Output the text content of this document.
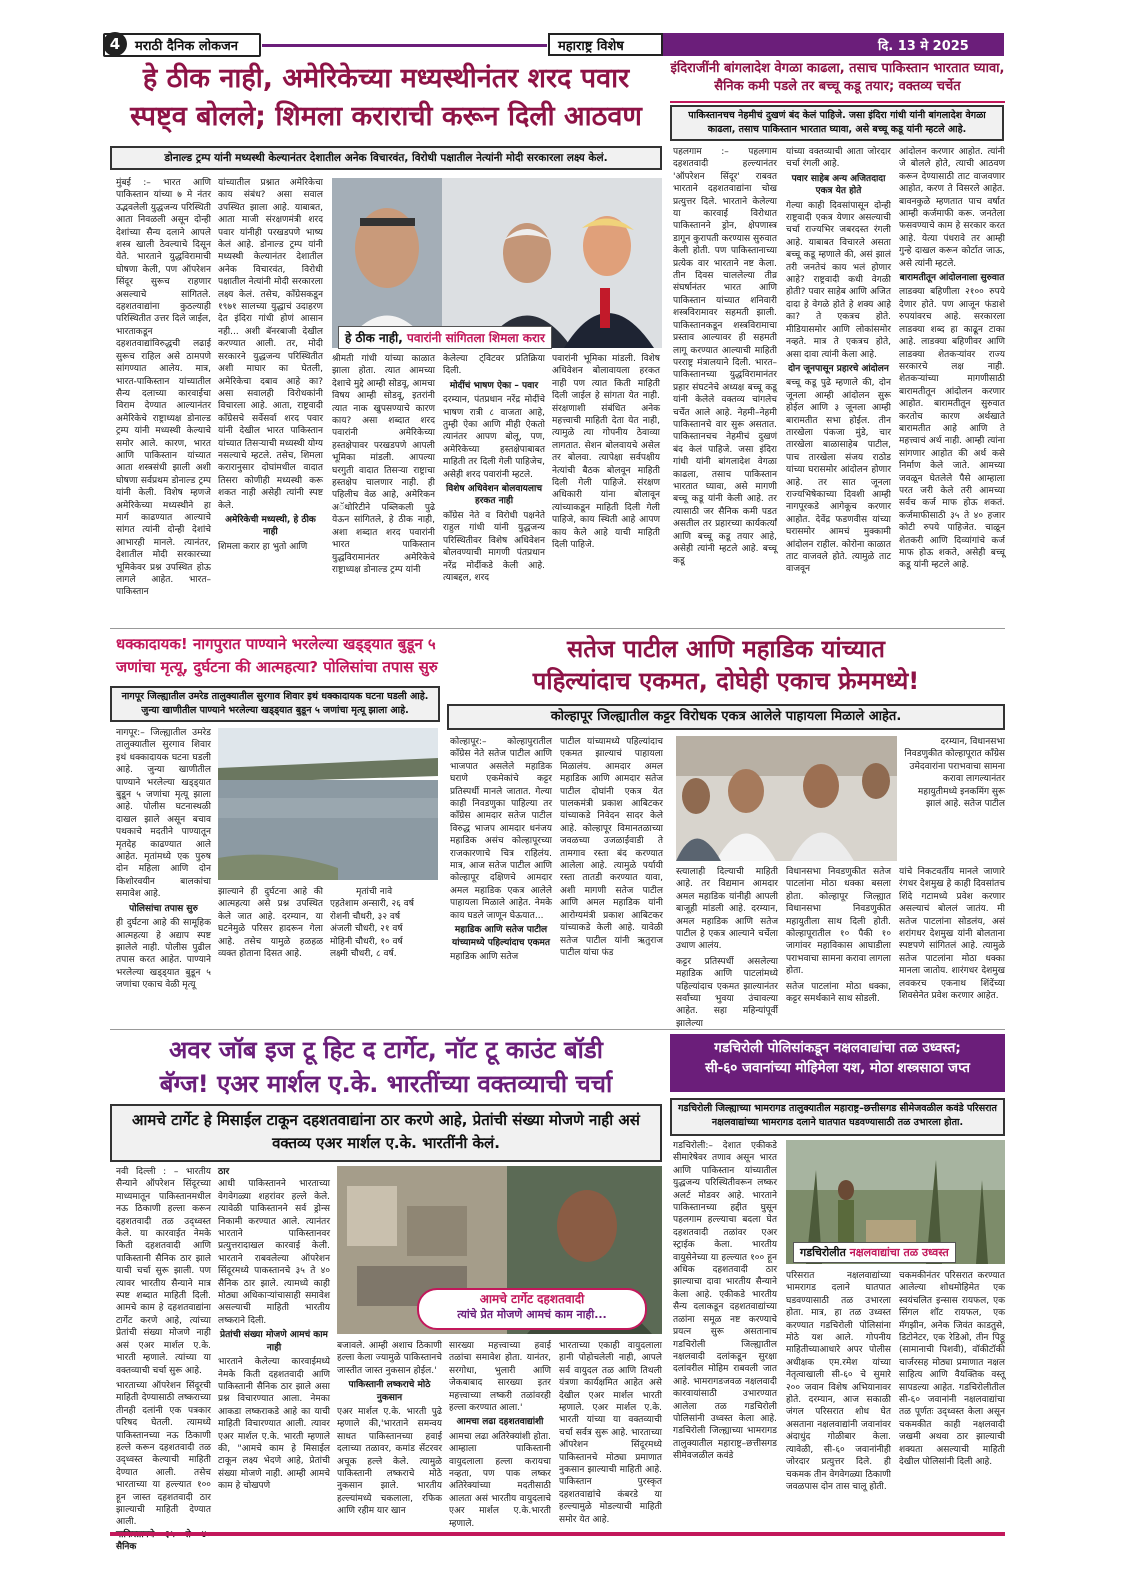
4	मराठी दैनिक लोकजन	महाराष्ट्र विशेष	दि. 13 मे 2025
हे ठीक नाही, अमेरिकेच्या मध्यस्थीनंतर शरद पवार
स्पष्ट्व बोलले; शिमला कराराची करून दिली आठवण
डोनाल्ड ट्रम्प यांनी मध्यस्थी केल्यानंतर देशातील अनेक विचारवंत, विरोधी पक्षातील नेत्यांनी मोदी सरकारला लक्ष्य केलं.
मुंबई :– भारत आणि पाकिस्तान यांच्या ७ मे नंतर उद्भवलेली युद्धजन्य परिस्थिती आता निवळली असून दोन्ही देशांच्या सैन्य दलाने आपले शस्त्र खाली ठेवल्याचे दिसून येते. भारताने युद्धविरामाची घोषणा केली, पण ऑपरेशन सिंदूर सुरूच राहणार असल्याचे सांगितले. दहशतवाद्यांना कुठल्याही परिस्थितीत उत्तर दिले जाईल, भारताकडून दहशतवाद्यांविरुद्धची लढाई सुरूच राहिल असे ठामपणे सांगण्यात आलेय. मात्र, भारत-पाकिस्तान यांच्यातील सैन्य दलाच्या कारवाईचा विराम देण्यात आल्यानंतर अमेरिकेचे राष्ट्राध्यक्ष डोनाल्ड ट्रम्प यांनी मध्यस्थी केल्याचे समोर आले. कारण, भारत आणि पाकिस्तान यांच्यात आता शस्त्रसंधी झाली अशी घोषणा सर्वप्रथम डोनाल्ड ट्रम्प यांनी केली. विशेष म्हणजे अमेरिकेच्या मध्यस्थीने हा मार्ग काढण्यात आल्याचे सांगत त्यांनी दोन्ही देशांचे आभारही मानले. त्यानंतर, देशातील मोदी सरकारच्या भूमिकेवर प्रश्न उपस्थित होऊ लागले आहेत. भारत–पाकिस्तान
यांच्यातील प्रश्नात अमेरिकेचा काय संबंध? असा सवाल उपस्थित झाला आहे. याबाबत, आता माजी संरक्षणमंत्री शरद पवार यांनीही परखडपणे भाष्य केलं आहे. डोनाल्ड ट्रम्प यांनी मध्यस्थी केल्यानंतर देशातील अनेक विचारवंत, विरोधी पक्षातील नेत्यांनी मोदी सरकारला लक्ष्य केलं. तसेच, काँग्रेसकडून १९७१ सालच्या युद्धाचं उदाहरण देत इंदिरा गांधी होणं आसान नही... अशी बॅनरबाजी देखील करण्यात आली. तर, मोदी सरकारने युद्धजन्य परिस्थितीत अशी माघार का घेतली, अमेरिकेचा दबाव आहे का? असा सवालही विरोधकांनी विचारला आहे. आता, राष्ट्रवादी काँग्रेसचे सर्वेसर्वा शरद पवार यांनी देखील भारत पाकिस्तान यांच्यात तिसऱ्याची मध्यस्थी योग्य नसल्याचे म्हटले. तसेच, शिमला करारानुसार दोघांमधील वादात तिसरा कोणीही मध्यस्थी करू शकत नाही असेही त्यांनी स्पष्ट केले.
अमेरिकेची मध्यस्थी, हे ठीक नाही
शिमला करार हा भुतो आणि
हे ठीक नाही, पवारांनी सांगितला शिमला करार
श्रीमती गांधी यांच्या काळात झाला होता. त्यात आमच्या देशाचे मुद्दे आम्ही सोडवू, आमचा विषय आम्ही सोडवू, इतरांनी त्यात नाक खुपसण्याचे कारण काय? असा शब्दात शरद पवारांनी अमेरिकेच्या हस्तक्षेपावर परखडपणे आपली भूमिका मांडली. आपल्या घरगुती वादात तिसऱ्या राष्ट्राचा हस्तक्षेप चालणार नाही. ही पहिलीच वेळ आहे, अमेरिकन अॅथोरिटीने पब्लिकली पुढे येऊन सांगितले, हे ठीक नाही, अशा शब्दात शरद पवारांनी भारत पाकिस्तान युद्धविरामानंतर अमेरिकेचे राष्ट्राध्यक्ष डोनाल्ड ट्रम्प यांनी
केलेल्या ट्विटवर प्रतिक्रिया दिली.
मोदींचं भाषण ऐका – पवार
दरम्यान, पंतप्रधान नरेंद्र मोदींचे भाषण रात्री ८ वाजता आहे, तुम्ही ऐका आणि मीही ऐकतो त्यानंतर आपण बोलू, पण, अमेरिकेच्या हस्तक्षेपाबाबत माहिती तर दिली गेली पाहिजेच, असेही शरद पवारांनी म्हटले.
विशेष अधिवेशन बोलवायलाच हरकत नाही
काँग्रेस नेते व विरोधी पक्षनेते राहुल गांधी यांनी युद्धजन्य परिस्थितीवर विशेष अधिवेशन बोलवण्याची मागणी पंतप्रधान नरेंद्र मोदींकडे केली आहे. त्याबद्दल, शरद
पवारांनी भूमिका मांडली. विशेष अधिवेशन बोलावायला हरकत नाही पण त्यात किती माहिती दिली जाईल हे सांगता येत नाही. संरक्षणाशी संबंधित अनेक महत्त्वाची माहिती देता येत नाही, त्यामुळे त्या गोपनीय ठेवाव्या लागतात. सेशन बोलवायचे असेल तर बोलवा. त्यापेक्षा सर्वपक्षीय नेत्यांची बैठक बोलवून माहिती दिली गेली पाहिजे. संरक्षण अधिकारी यांना बोलावून त्यांच्याकडून माहिती दिली गेली पाहिजे, काय स्थिती आहे आपण काय केले आहे याची माहिती दिली पाहिजे.
इंदिराजींनी बांगलादेश वेगळा काढला, तसाच पाकिस्तान भारतात घ्यावा, सैनिक कमी पडले तर बच्चू कडू तयार; वक्तव्य चर्चेत
पाकिस्तानचच नेहमीचं दुखणं बंद केलं पाहिजे. जसा इंदिरा गांधी यांनी बांगलादेश वेगळा काढला, तसाच पाकिस्तान भारतात घ्यावा, असे बच्चू कडू यांनी म्हटले आहे.
पहलगाम :– पहलगाम दहशतवादी हल्ल्यानंतर 'ऑपरेशन सिंदूर' राबवत भारताने दहशतवाद्यांना चोख प्रत्युत्तर दिले. भारताने केलेल्या या कारवाई विरोधात पाकिस्तानने ड्रोन, क्षेपणास्त्र डागून कुरापती करण्यास सुरुवात केली होती. पण पाकिस्तानाच्या प्रत्येक वार भारताने नष्ट केला. तीन दिवस चाललेल्या तीव्र संघर्षानंतर भारत आणि पाकिस्तान यांच्यात शनिवारी शस्त्रविरामावर सहमती झाली. पाकिस्तानकडून शस्त्रविरामाचा प्रस्ताव आल्यावर ही सहमती लागू करण्यात आल्याची माहिती परराष्ट्र मंत्रालयाने दिली. भारत–पाकिस्तानच्या युद्धविरामानंतर प्रहार संघटनेचे अध्यक्ष बच्चू कडू यांनी केलेले वक्तव्य चांगलेच चर्चेत आले आहे. नेहमी–नेहमी पाकिस्तानचे वार सुरू असतात. पाकिस्तानचच नेहमीचं दुखणं बंद केलं पाहिजे. जसा इंदिरा गांधी यांनी बांगलादेश वेगळा काढला, तसाच पाकिस्तान भारतात घ्यावा, असे मागणी बच्चू कडू यांनी केली आहे. तर त्यासाठी जर सैनिक कमी पडत असतील तर प्रहारच्या कार्यकर्त्यां आणि बच्चू कडू तयार आहे, असेही त्यांनी म्हटले आहे. बच्चू कडू
यांच्या वक्तव्याची आता जोरदार चर्चा रंगली आहे.
पवार साहेब अन्य अजितदादा एकत्र येत होते
गेल्या काही दिवसांपासून दोन्ही राष्ट्रवादी एकत्र येणार असल्याची चर्चा राज्यभिर जबरदस्त रंगली आहे. याबाबत विचारले असता बच्चू कडू म्हणाले की, असं झालं तरी जनतेचं काय भलं होणार आहे? राष्ट्रवादी कधी वेगळी होती? पवार साहेब आणि अजित दादा हे वेगळे होते हे शक्य आहे का? ते एकत्रच होते. मीडियासमोर आणि लोकांसमोर नव्हते. मात्र ते एकत्रच होते, असा दावा त्यांनी केला आहे.
दोन जूनपासून प्रहारचे आंदोलन
बच्चू कडू पुढे म्हणाले की, दोन जूनला आम्ही आंदोलन सुरू होईल आणि ३ जूनला आम्ही बारामतीत सभा होईल. तीन तारखेला पंकजा मुंडे, चार तारखेला बाळासाहेब पाटील, पाच तारखेला संजय राठोड यांच्या घरासमोर आंदोलन होणार आहे. तर सात जूनला राज्यभिषेकाच्या दिवशी आम्ही नागपूरकडे आगेकूच करणार आहोत. देवेंद्र फडणवीस यांच्या घरासमोर आमचं मुक्कामी आंदोलन राहील. कोरोना काळात ताट वाजवले होते. त्यामुळे ताट वाजवून
आंदोलन करणार आहोत. त्यांनी जे बोलले होते, त्याची आठवण करून देण्यासाठी ताट वाजवणार आहोत, करण ते विसरले आहेत. बावनकुळे म्हणतात पाच वर्षात आम्ही कर्जमाफी करू. जनतेला फसवण्याचे काम हे सरकार करत आहे. येत्या पंधरावे तर आम्ही गुन्हे दाखल करून कोर्टात जाऊ, असे त्यांनी म्हटले.
बारामतीतून आंदोलनाला सुरुवात
लाडक्या बहिणीला २१०० रुपये देणार होते. पण आजून फंडाशे रुपयांवरच आहे. सरकारला लाडक्या शब्द हा काढून टाका आहे. लाडक्या बहिणीवर आणि लाडक्या शेतकऱ्यांवर राज्य सरकारचे लक्ष नाही. शेतकऱ्यांच्या मागणीसाठी बारामतीतून आंदोलन करणार आहोत. बारामतीतून सुरुवात करतोच कारण अर्थखाते बारामतीत आहे आणि ते महत्त्वाचं अर्थ नाही. आम्ही त्यांना सांगणार आहोत की अर्थ कसे निर्माण केले जाते. आमच्या जवळून घेतलेले पैसे आम्हाला परत जरी केले तरी आमच्या सर्वच कर्ज माफ होऊ शकतं. कर्जमाफीसाठी ३५ ते ४० हजार कोटी रुपये पाहिजेत. चाळून शेतकरी आणि दिव्यांगांचे कर्ज माफ होऊ शकते, असेही बच्चू कडू यांनी म्हटले आहे.
धक्कादायक! नागपुरात पाण्याने भरलेल्या खड्ड्यात बुडून ५
जणांचा मृत्यू, दुर्घटना की आत्महत्या? पोलिसांचा तपास सुरु
नागपूर जिल्ह्यातील उमरेड तालुक्यातील सुरगाव शिवार इथं धक्कादायक घटना घडली आहे. जुन्या खाणीतील पाण्याने भरलेल्या खड्ड्यात बुडून ५ जणांचा मृत्यू झाला आहे.
नागपूर:– जिल्ह्यातील उमरेड तालुक्यातील सुरगाव शिवार इथं धक्कादायक घटना घडली आहे. जुन्या खाणीतील पाण्याने भरलेल्या खड्ड्यात बुडून ५ जणांचा मृत्यू झाला आहे. पोलीस घटनास्थळी दाखल झाले असून बचाव पथकाचे मदतीने पाण्यातून मृतदेह काढण्यात आले आहेत. मृतांमध्ये एक पुरुष दोन महिला आणि दोन किशोरवयीन बालकांचा समावेश आहे.
पोलिसांचा तपास सुरु
ही दुर्घटना आहे की सामूहिक आत्महत्या हे अद्याप स्पष्ट झालेले नाही. पोलीस पुढील तपास करत आहेत. पाण्याने भरलेल्या खड्ड्यात बुडून ५ जणांचा एकाच वेळी मृत्यू
झाल्याने ही दुर्घटना आहे की आत्महत्या असे प्रश्न उपस्थित केले जात आहे. दरम्यान, या घटनेमुळे परिसर हादरून गेला आहे. तसेच यामुळे हळहळ व्यक्त होताना दिसत आहे.
मृतांची नावे
एहतेशाम अन्सारी, २६ वर्ष
रोशनी चौधरी, ३२ वर्ष
अंजली चौधरी, २१ वर्ष
मोहिनी चौधरी, १० वर्ष
लक्ष्मी चौधरी, ८ वर्ष.
सतेज पाटील आणि महाडिक यांच्यात
पहिल्यांदाच एकमत, दोघेही एकाच फ्रेममध्ये!
कोल्हापूर जिल्ह्यातील कट्टर विरोधक एकत्र आलेले पाहायला मिळाले आहेत.
कोल्हापूर:– कोल्हापुरातील कॉंग्रेस नेते सतेज पाटील आणि भाजपात असलेले महाडिक घराणे एकमेकांचे कट्टर प्रतिस्पर्धी मानले जातात. गेल्या काही निवडणुका पाहिल्या तर कॉंग्रेस आमदार सतेज पाटील विरुद्ध भाजप आमदार धनंजय महाडिक असंच कोल्हापूरच्या राजकारणाचे चित्र राहिलंय. मात्र, आज सतेज पाटील आणि कोल्हापूर दक्षिणचे आमदार अमल महाडिक एकत्र आलेले पाहायला मिळाले आहेत. नेमके काय घडले जाणून घेऊयात...
महाडिक आणि सतेज पाटील यांच्यामध्ये पहिल्यांदाच एकमत
महाडिक आणि सतेज
पाटील यांच्यामध्ये पहिल्यांदाच एकमत झाल्याचं पाहायला मिळालंय. आमदार अमल महाडिक आणि आमदार सतेज पाटील दोघांनी एकत्र येत पालकमंत्री प्रकाश आबिटकर यांच्याकडे निवेदन सादर केले आहे. कोल्हापूर विमानतळाच्या जवळच्या उजळाईवाडी ते तामगाव रस्ता बंद करण्यात आलेला आहे. त्यामुळे पर्यायी रस्ता तातडी करण्यात यावा, अशी मागणी सतेज पाटील आणि अमल महाडिक यांनी आरोग्यमंत्री प्रकाश आबिटकर यांच्याकडे केली आहे. यावेळी सतेज पाटील यांनी ऋतुराज पाटील यांचा फंड
दरम्यान, विधानसभा निवडणुकीत कोल्हापूरात काँग्रेस उमेदवारांना पराभवाचा सामना करावा लागल्यानंतर महायुतीमध्ये इनकमिंग सुरू झालं आहे. सतेज पाटील
स्त्यालाही दिल्याची माहिती आहे. तर विद्यमान आमदार अमल महाडिक यांनीही आपली बाजूही मांडली आहे. दरम्यान, अमल महाडिक आणि सतेज पाटील हे एकत्र आल्याने चर्चेला उधाण आलंय.
कट्टर प्रतिस्पर्धी असलेल्या महाडिक आणि पाटलांमध्ये पहिल्यांदाच एकमत झाल्यानंतर सर्वांच्या भुवया उंचावल्या आहेत. सहा महिन्यांपूर्वी झालेल्या
विधानसभा निवडणुकीत सतेज पाटलांना मोठा धक्का बसला होता. कोल्हापूर जिल्ह्यात विधानसभा निवडणुकीत महायुतीला साथ दिली होती. कोल्हापूरातील १० पैकी १० जागांवर महाविकास आघाडीला पराभवाचा सामना करावा लागला होता.
सतेज पाटलांना मोठा धक्का, कट्टर समर्थकाने साथ सोडली.
यांचे निकटवर्तीय मानले जाणारे रंगधर देशमुख हे काही दिवसांतच शिंदे गटामध्ये प्रवेश करणार असल्याचं बोललं जातंय. मी सतेज पाटलांना सोडलंय, असं शरांगधर देशमुख यांनी बोलताना स्पष्टपणे सांगितलं आहे. त्यामुळे सतेज पाटलांना मोठा धक्का मानला जातोय. शारंगधर देशमुख लवकरच एकनाथ शिंदेंच्या शिवसेनेत प्रवेश करणार आहेत.
अवर जॉब इज टू हिट द टार्गेट, नॉट टू काउंट बॉडी
बॅग्ज! एअर मार्शल ए.के. भारतींच्या वक्तव्याची चर्चा
आमचे टार्गेट हे मिसाईल टाकून दहशतवाद्यांना ठार करणे आहे, प्रेतांची संख्या मोजणे नाही असं वक्तव्य एअर मार्शल ए.के. भारतींनी केलं.
नवी दिल्ली : – भारतीय सैन्याने ऑपरेशन सिंदूरच्या माध्यमातून पाकिस्तानमधील नऊ ठिकाणी हल्ला करून दहशतवादी तळ उद्ध्वस्त केले. या कारवाईत नेमके किती दहशतवादी आणि पाकिस्तानी सैनिक ठार झाले याची चर्चा सुरू झाली. पण त्यावर भारतीय सैन्याने मात्र स्पष्ट शब्दात माहिती दिली. आमचे काम हे दहशतवाद्यांना टार्गेट करणे आहे, त्यांच्या प्रेतांची संख्या मोजणे नाही असं एअर मार्शल ए.के. भारती म्हणाले. त्यांच्या या वक्तव्याची चर्चा सुरू आहे.
भारताच्या ऑपरेशन सिंदूरची माहिती देण्यासाठी लष्कराच्या तीनही दलांनी एक पत्रकार परिषद घेतली. त्यामध्ये पाकिस्तानच्या नऊ ठिकाणी हल्ले करून दहशतवादी तळ उद्ध्वस्त केल्याची माहिती देण्यात आली. तसेच भारताच्या या हल्ल्यात १०० हून जास्त दहशतवादी ठार झाल्याची माहिती देण्यात आली.
सैनिक
ठार
आधी पाकिस्तानने भारताच्या वेगवेगळ्या शहरांवर हल्ले केले. त्यावेळी पाकिस्तानने सर्व ड्रोन्स निकामी करण्यात आले. त्यानंतर भारताने पाकिस्तानवर प्रत्युत्तरादाखल कारवाई केली. भारताने राबवलेल्या ऑपरेशन सिंदूरमध्ये पाकस्तानचे ३५ ते ४० सैनिक ठार झाले. त्यामध्ये काही मोठ्या अधिकाऱ्यांचासाही समावेश असल्याची माहिती भारतीय लष्कराने दिली.
प्रेतांची संख्या मोजणे आमचं काम नाही
भारताने केलेल्या कारवाईमध्ये नेमके किती दहशतवादी आणि पाकिस्तानी सैनिक ठार झाले असा प्रश्न विचारण्यात आला. नेमका आकडा लष्कराकडे आहे का याची माहिती विचारण्यात आली. त्यावर एअर मार्शल ए.के. भारती म्हणाले की, "आमचे काम हे मिसाईल टाकून लक्ष्य भेदणे आहे, प्रेतांची संख्या मोजणे नाही. आम्ही आमचे काम हे चोखपणे
आमचे टार्गेट दहशतवादी
त्यांचे प्रेत मोजणे आमचं काम नाही...
बजावले. आम्ही अशाच ठिकाणी हल्ला केला ज्यामुळे पाकिस्तानचे जास्तीत जास्त नुकसान होईल.'
पाकिस्तानी लष्कराचे मोठे नुकसान
एअर मार्शल ए.के. भारती पुढे म्हणाले की,'भारताने समन्वय साधत पाकिस्तानच्या हवाई दलाच्या तळावर, कमांड सेंटरवर अचूक हल्ले केले. त्यामुळे पाकिस्तानी लष्कराचे मोठे नुकसान झाले. भारतीय हल्ल्यांमध्ये चकलाला, रफिक आणि रहीम यार खान
सारख्या महत्त्वाच्या हवाई तळांचा समावेश होता. यानंतर, सरगोधा, भुलारी आणि जेकबाबाद सारख्या इतर महत्त्वाच्या लष्करी तळांवरही हल्ला करण्यात आला.'
आमचा लढा दहशतवाद्यांशी
आमचा लढा अतिरेक्यांशी होता. आम्हाला पाकिस्तानी वायुदलाला हल्ला करायचा नव्हता, पण पाक लष्कर अतिरेक्यांच्या मदतीसाठी आलता असं भारतीय वायुदलाचे एअर मार्शल ए.के.भारती म्हणाले.
भारताच्या एकाही वायुदलाला हानी पोहोचलेली नाही, आपले सर्व वायुदल तळ आणि तिथली यंत्रणा कार्यक्षमित आहेत असे देखील एअर मार्शल भारती म्हणाले. एअर मार्शल ए.के. भारती यांच्या या वक्तव्याची चर्चा सर्वत्र सुरू आहे. भारताच्या ऑपरेशन सिंदूरमध्ये पाकिस्तानचे मोठ्या प्रमाणात नुकसान झाल्याची माहिती आहे. पाकिस्तान पुरस्कृत दहशतवाद्यांचे कंबरडे या हल्ल्यामुळे मोडल्याची माहिती समोर येत आहे.
गडचिरोली पोलिसांकडून नक्षलवाद्यांचा तळ उध्वस्त;
सी-६० जवानांच्या मोहिमेला यश, मोठा शस्त्रसाठा जप्त
गडचिरोली जिल्ह्याच्या भामरागड तालुक्यातील महाराष्ट्र–छत्तीसगड सीमेजवळील कवंडे परिसरात नक्षलवाद्यांच्या भामरागड दलाने घातपात घडवण्यासाठी तळ उभारला होता.
गडचिरोली:– देशात एकीकडे सीमारेषेवर तणाव असून भारत आणि पाकिस्तान यांच्यातील युद्धजन्य परिस्थितीवरून लष्कर अलर्ट मोडवर आहे. भारताने पाकिस्तानच्या हद्दीत घुसून पहलगाम हल्ल्याचा बदला घेत दहशतवादी तळांवर एअर स्ट्राईक केला. भारतीय वायुसेनेच्या या हल्ल्यात १०० हून अधिक दहशतवादी ठार झाल्याचा दावा भारतीय सैन्याने केला आहे. एकीकडे भारतीय सैन्य दलाकडून दहशतवाद्यांच्या तळांना समूळ नष्ट करण्याचे प्रयत्न सुरू असतानाच गडचिरोली जिल्ह्यातील नक्षलवादी दलांकडून सुरक्षा दलांवरील मोहिम राबवली जात आहे. भामरागडजवळ नक्षलवादी कारवायांसाठी उभारण्यात आलेला तळ गडचिरोली पोलिसांनी उध्वस्त केला आहे. गडचिरोली जिल्ह्याच्या भामरागड तालुक्यातील महाराष्ट्र–छत्तीसगड सीमेवजळील कवंडे
गडचिरोलीत नक्षलवाद्यांचा तळ उध्वस्त
परिसरात नक्षलवाद्यांच्या भामरागड दलाने घातपात घडवण्यासाठी तळ उभारला होता. मात्र, हा तळ उध्वस्त करण्यात गडचिरोली पोलिसांना मोठे यश आले. गोपनीय माहितीच्याआधारे अपर पोलीस अधीक्षक एम.रमेश यांच्या नेतृत्वाखाली सी-६० चे सुमारे २०० जवान विशेष अभियानावर होते. दरम्यान, आज सकाळी जंगल परिसरात शोध घेत असताना नक्षलवाद्यांनी जवानांवर अंदाधुंद गोळीबार केला. त्यावेळी, सी-६० जवानांनीही जोरदार प्रत्युत्तर दिले. ही चकमक तीन वेगवेगळ्या ठिकाणी जवळपास दोन तास चालू होती.
चकमकीनंतर परिसरात करण्यात आलेल्या शोधमोहिमेत एक स्वयंचलित इन्सास रायफल, एक सिंगल शॉट रायफल, एक मॅगझीन, अनेक जिवंत काडतुसे, डिटोनेटर, एक रेडिओ, तीन पिठ्ठू (सामानाची पिशवी), वॉकीटॉकी चार्जरसह मोठ्या प्रमाणात नक्षल साहित्य आणि वैयक्तिक वस्तू सापडल्या आहेत. गडचिरोलीतील सी-६० जवानांनी नक्षलवाद्यांचा तळ पूर्णतः उद्ध्वस्त केला असून चकमकीत काही नक्षलवादी जखमी अथवा ठार झाल्याची शक्यता असल्याची माहिती देखील पोलिसांनी दिली आहे.
